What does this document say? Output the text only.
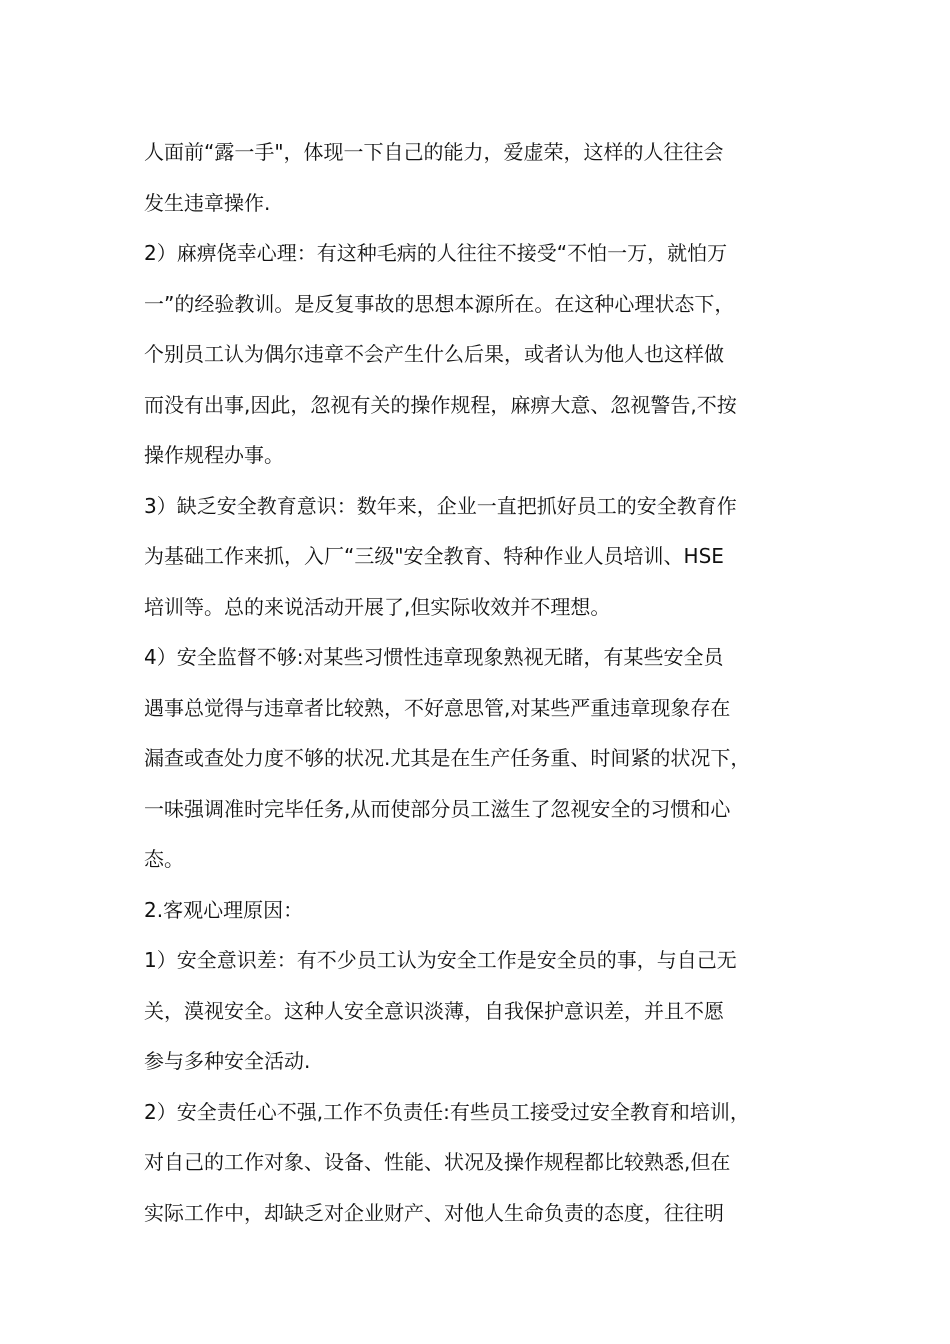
人面前“露一手"，体现一下自己的能力，爱虚荣，这样的人往往会
发生违章操作.
2）麻痹侥幸心理：有这种毛病的人往往不接受“不怕一万，就怕万
一”的经验教训。是反复事故的思想本源所在。在这种心理状态下，
个别员工认为偶尔违章不会产生什么后果，或者认为他人也这样做
而没有出事,因此，忽视有关的操作规程，麻痹大意、忽视警告,不按
操作规程办事。
3）缺乏安全教育意识：数年来，企业一直把抓好员工的安全教育作
为基础工作来抓，入厂“三级"安全教育、特种作业人员培训、HSE
培训等。总的来说活动开展了,但实际收效并不理想。
4）安全监督不够:对某些习惯性违章现象熟视无睹，有某些安全员
遇事总觉得与违章者比较熟，不好意思管,对某些严重违章现象存在
漏查或查处力度不够的状况.尤其是在生产任务重、时间紧的状况下，
一味强调准时完毕任务,从而使部分员工滋生了忽视安全的习惯和心
态。
2.客观心理原因：
1）安全意识差：有不少员工认为安全工作是安全员的事，与自己无
关，漠视安全。这种人安全意识淡薄，自我保护意识差，并且不愿
参与多种安全活动.
2）安全责任心不强,工作不负责任:有些员工接受过安全教育和培训，
对自己的工作对象、设备、性能、状况及操作规程都比较熟悉,但在
实际工作中，却缺乏对企业财产、对他人生命负责的态度，往往明
